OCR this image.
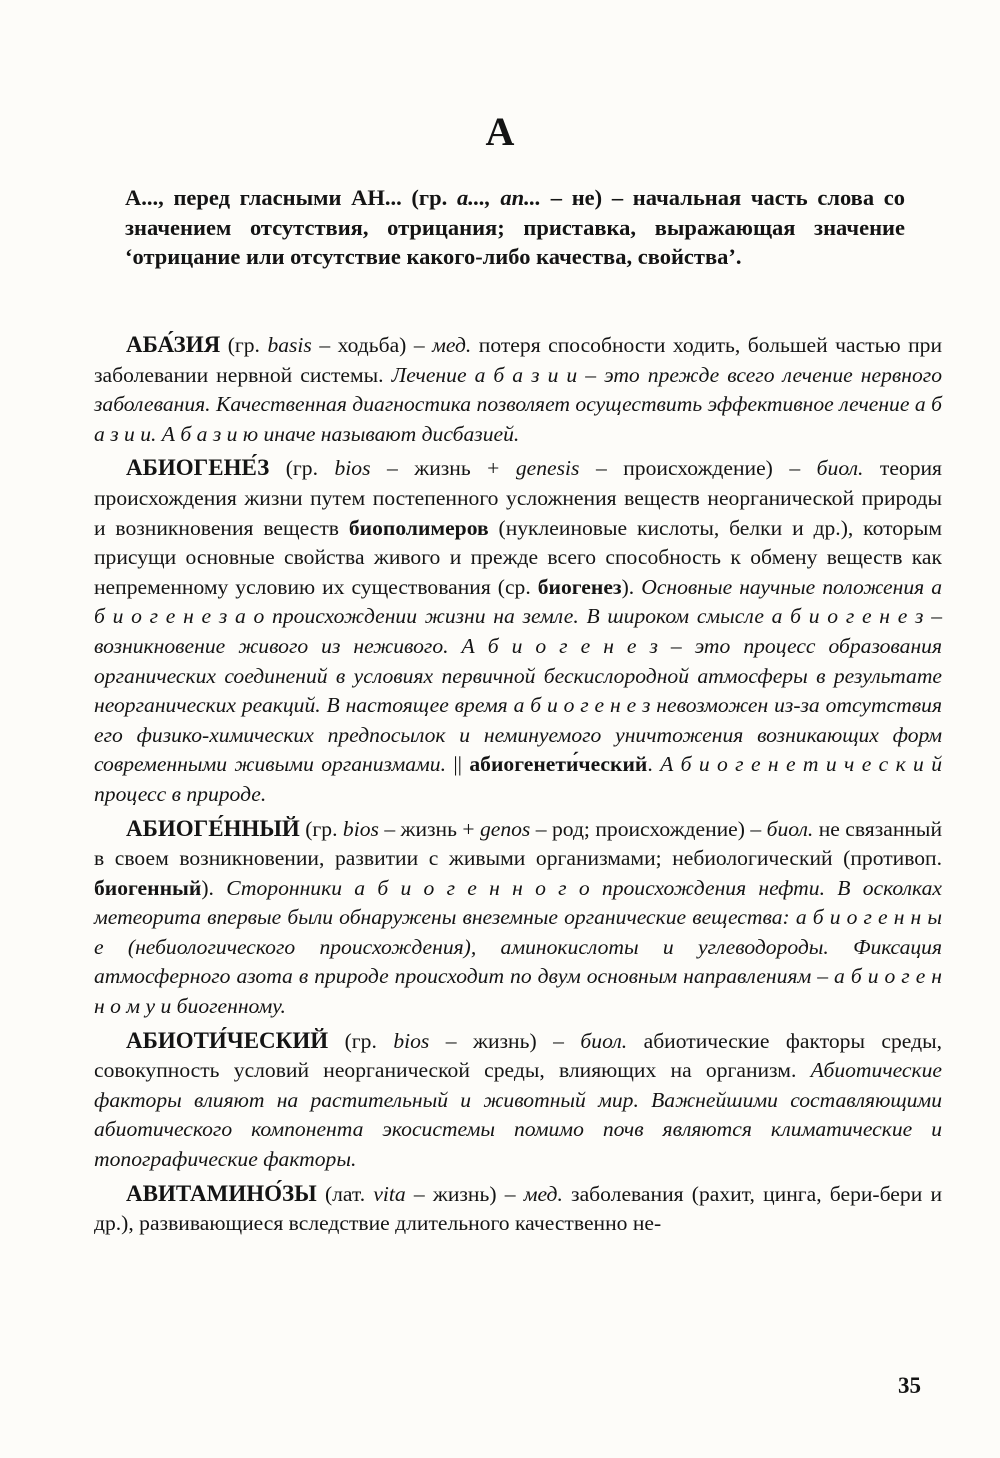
А
А..., перед гласными АН... (гр. а..., an... – не) – начальная часть слова со значением отсутствия, отрицания; приставка, выражающая значение ‘отрицание или отсутствие какого-либо качества, свойства’.

АБА́ЗИЯ (гр. basis – ходьба) – мед. потеря способности ходить, большей частью при заболевании нервной системы. Лечение а б а з и и – это прежде всего лечение нервного заболевания. Качественная диагностика позволяет осуществить эффективное лечение а б а з и и. А б а з и ю иначе называют дисбазией.

АБИОГЕНЕ́З (гр. bios – жизнь + genesis – происхождение) – биол. теория происхождения жизни путем постепенного усложнения веществ неорганической природы и возникновения веществ биополимеров (нуклеиновые кислоты, белки и др.), которым присущи основные свойства живого и прежде всего способность к обмену веществ как непременному условию их существования (ср. биогенез). Основные научные положения а б и о г е н е з а о происхождении жизни на земле. В широком смысле а б и о г е н е з – возникновение живого из неживого. А б и о г е н е з – это процесс образования органических соединений в условиях первичной бескислородной атмосферы в результате неорганических реакций. В настоящее время а б и о г е н е з невозможен из-за отсутствия его физико-химических предпосылок и неминуемого уничтожения возникающих форм современными живыми организмами. || абиогенети́ческий. А б и о г е н е т и ч е с к и й процесс в природе.

АБИОГЕ́ННЫЙ (гр. bios – жизнь + genos – род; происхождение) – биол. не связанный в своем возникновении, развитии с живыми организмами; небиологический (противоп. биогенный). Сторонники а б и о г е н н о г о происхождения нефти. В осколках метеорита впервые были обнаружены внеземные органические вещества: а б и о г е н н ы е (небиологического происхождения), аминокислоты и углеводороды. Фиксация атмосферного азота в природе происходит по двум основным направлениям – а б и о г е н н о м у и биогенному.

АБИОТИ́ЧЕСКИЙ (гр. bios – жизнь) – биол. абиотические факторы среды, совокупность условий неорганической среды, влияющих на организм. Абиотические факторы влияют на растительный и животный мир. Важнейшими составляющими абиотического компонента экосистемы помимо почв являются климатические и топографические факторы.

АВИТАМИНО́ЗЫ (лат. vita – жизнь) – мед. заболевания (рахит, цинга, бери-бери и др.), развивающиеся вследствие длительного качественно не-

35
